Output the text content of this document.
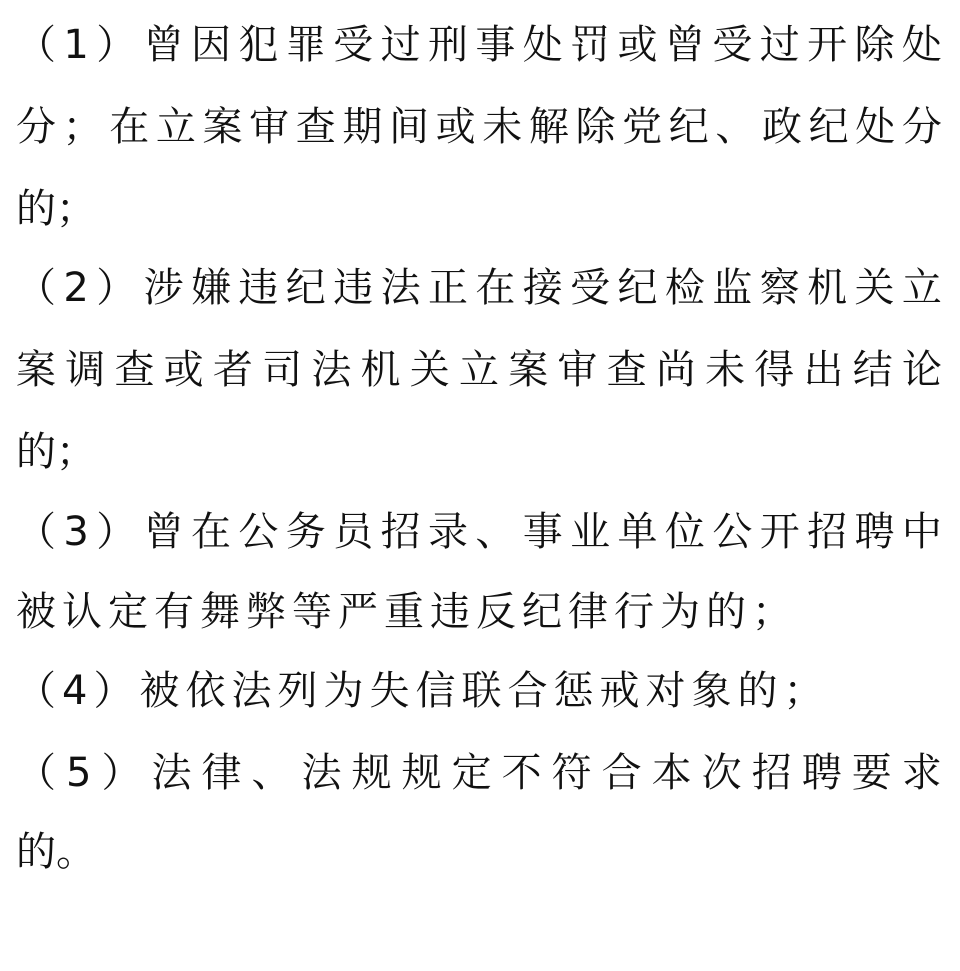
（ 1 ） 曾 因 犯 罪 受 过 刑 事 处 罚 或 曾 受 过 开 除 处
分 ； 在 立 案 审 查 期 间 或 未 解 除 党 纪 、 政 纪 处 分
的；
（ 2 ） 涉 嫌 违 纪 违 法 正 在 接 受 纪 检 监 察 机 关 立
案 调 查 或 者 司 法 机 关 立 案 审 查 尚 未 得 出 结 论
的；
（ 3 ） 曾 在 公 务 员 招 录 、 事 业 单 位 公 开 招 聘 中
被认定有舞弊等严重违反纪律行为的；
（4）被依法列为失信联合惩戒对象的；
（ 5 ） 法 律 、 法 规 规 定 不 符 合 本 次 招 聘 要 求
的。
